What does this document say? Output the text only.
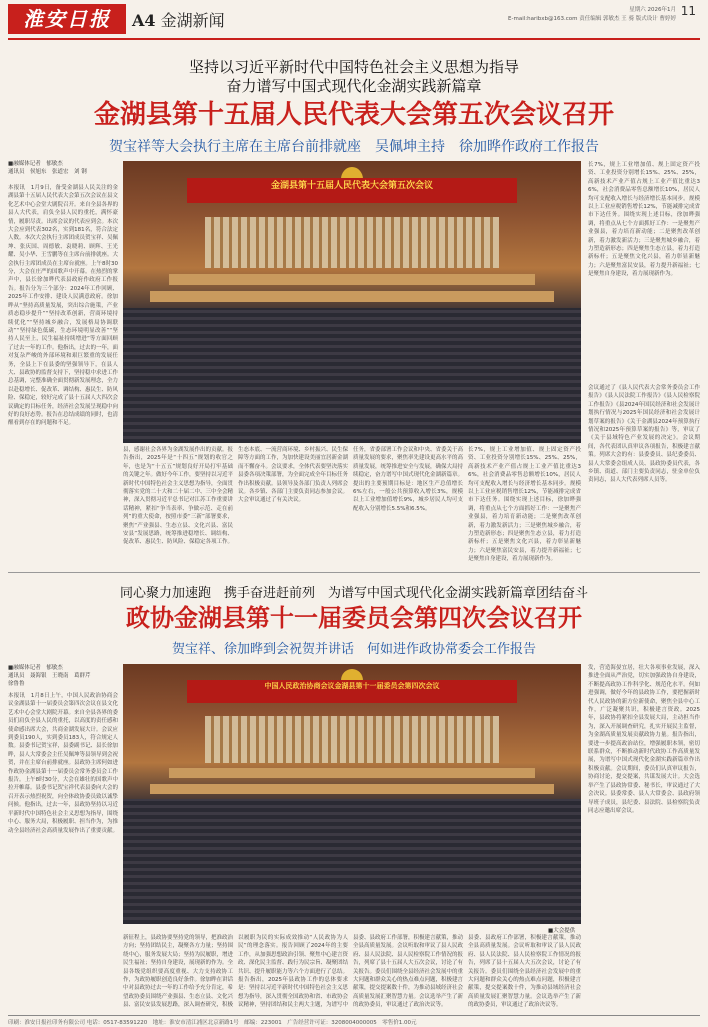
淮安日报	A4 金湖新闻
星期六 2026年1月
E-mail:haribxb@163.com 责任编辑 郭敏杰 王 骑 版式设计 曹婷婷
11
坚持以习近平新时代中国特色社会主义思想为指导
奋力谱写中国式现代化金湖实践新篇章
金湖县第十五届人民代表大会第五次会议召开
贺宝祥等大会执行主席在主席台前排就座　吴佩坤主持　徐加晔作政府工作报告
■融媒体记者　郁敏杰
通讯员　侯旭东　张道宏　刘 钢
本报讯　1月9日，备受金湖县人民关注的金湖县第十五届人民代表大会第五次会议在县文化艺术中心会堂大剧院召开。来自全县各界的县人大代表，肩负全县人民的重托，满怀豪情，履职尽责。出席会议的代表应到会。本次大会应到代表302名，实到181名，符合法定人数。本次大会执行主席团成员贺宝祥、吴佩坤、张庆国、周德敏、袁晓莉、顾辉、王光耀、吴小华、王雪鹏等在主席台前排就座。大会执行主席团成员在主席台就座。上午8时30分，大会在庄严的国歌声中开幕。在热烈的掌声中，县长徐加晔代表县政府作政府工作报告。报告分为三个部分：2024年工作回顾、2025年工作安排、建设人民满意政府。徐加晔从“坚持高质量发展，突出综合施策，产业质态稳步提升”“坚持改革创新，营商环境持续优化”“坚持城乡融合，发展格局协调联动”“坚持绿色低碳，生态环境明显改善”“坚持人民至上，民生福祉持续增进”等方面回顾了过去一年的工作。他指出，过去的一年，面对复杂严峻的外部环境和艰巨繁重的发展任务，全县上下在县委的坚强领导下，在县人大、县政协的监督支持下，坚持稳中求进工作总基调，完整准确全面贯彻新发展理念，全力以赴稳增长、促改革、调结构、惠民生、防风险、保稳定，较好完成了县十五届人大四次会议确定的目标任务，经济社会发展呈现稳中向好的良好态势。报告在总结成绩的同时，也清醒看到存在的问题和不足。
金湖县第十五届人民代表大会第五次会议
县，感谢社会各界为金湖发展作出的贡献。报告指出，2025年是“十四五”规划的收官之年，也是为“十五五”规划良好开局打牢基础的关键之年。做好今年工作，要坚持以习近平新时代中国特色社会主义思想为指导，全面贯彻落实党的二十大和二十届二中、三中全会精神，深入贯彻习近平总书记对江苏工作重要讲话精神，紧扣“争当表率、争做示范、走在前列”的重大使命，按照市委“三新”部署要求，聚焦“产业强县、生态立县、文化兴县、富民安县”发展思路，统筹推进稳增长、调结构、促改革、惠民生、防风险、保稳定各项工作。
生态本底、一流营商环境、乡村振兴、民生保障等方面的工作，为加快建设美丽宜居新金湖而不懈奋斗。会议要求，全体代表要坚决落实县委各项决策部署，为全面完成全年目标任务作出积极贡献。县领导及各部门负责人列席会议。各乡镇、各部门主要负责同志参加会议。大会审议通过了有关决议。
任务，省委部署工作会议和中央、省委关于高质量发展的要求，聚焦率先建设更高水平的高质量发展，统筹推进安全与发展，确保大局持续稳定，奋力谱写中国式现代化金湖新篇章。提出的主要预期目标是：地区生产总值增长6%左右，一般公共预算收入增长3%，规模以上工业增加值增长9%，城乡居民人均可支配收入分别增长5.5%和6.5%。
长7%，规上工业增加值、规上固定资产投资、工业投资分别增长15%、25%、25%，高新技术产业产值占规上工业产值比重达36%，社会消费品零售总额增长10%，居民人均可支配收入增长与经济增长基本同步。规模以上工业应税销售增长12%，节能减排完成省市下达任务。围绕实现上述目标，徐加晔强调，将重点从七个方面抓好工作：一是聚焦产业强县，着力培育新动能；二是聚焦改革创新，着力激发新活力；三是聚焦城乡融合，着力塑造新形态；四是聚焦生态立县，着力打造新标杆；五是聚焦文化兴县，着力彰显新魅力；六是聚焦富民安县，着力提升新福祉；七是聚焦自身建设，着力展现新作为。
长7%，规上工业增加值、规上固定资产投资、工业投资分别增长15%、25%、25%，高新技术产业产值占规上工业产值比重达36%，社会消费品零售总额增长10%，居民人均可支配收入增长与经济增长基本同步。规模以上工业应税销售增长12%，节能减排完成省市下达任务。围绕实现上述目标，徐加晔强调，将重点从七个方面抓好工作：一是聚焦产业强县，着力培育新动能；二是聚焦改革创新，着力激发新活力；三是聚焦城乡融合，着力塑造新形态；四是聚焦生态立县，着力打造新标杆；五是聚焦文化兴县，着力彰显新魅力；六是聚焦富民安县，着力提升新福祉；七是聚焦自身建设，着力展现新作为。
会议通过了《县人民代表大会常务委员会工作报告》《县人民法院工作报告》《县人民检察院工作报告》《县2024年国民经济和社会发展计划执行情况与2025年国民经济和社会发展计划草案的报告》《关于金湖县2024年预算执行情况和2025年预算草案的报告》等，审议了《关于县域特色产业发展的决定》。会议期间，各代表团认真审议各项报告，积极建言献策。列席大会的有：县委委员、县纪委委员、县人大常委会组成人员、县政协委员代表，各乡镇、街道、部门主要负责同志，驻金单位负责同志，县人大代表列席人员等。
同心聚力加速跑　携手奋进赶前列　为谱写中国式现代化金湖实践新篇章团结奋斗
政协金湖县第十一届委员会第四次会议召开
贺宝祥、徐加晔到会祝贺并讲话　何如进作政协常委会工作报告
■融媒体记者　郁敏杰
通讯员　聂海银　王晓南　葛群芹
徐鲁鲁
本报讯　1月8日上午，中国人民政治协商会议金湖县第十一届委员会第四次会议在县文化艺术中心会堂大剧院开幕。来自全县各界的委员们肩负全县人民的重托，以高度的责任感和使命感出席大会，共商金湖发展大计。会议应到委员190人，实到委员183人，符合规定人数。县委书记贺宝祥，县委副书记、县长徐加晔，县人大常委会主任吴佩坤等县领导到会祝贺，并在主席台前排就座。县政协主席何如进作政协金湖县第十一届委员会常务委员会工作报告。上午8时30分，大会在雄壮的国歌声中拉开帷幕。县委书记贺宝祥代表县委向大会的召开表示热烈祝贺，向全体政协委员致以诚挚问候。他指出，过去一年，县政协坚持以习近平新时代中国特色社会主义思想为指导，围绕中心、服务大局，积极履职、担当作为，为推动全县经济社会高质量发展作出了重要贡献。
中国人民政治协商会议金湖县第十一届委员会第四次会议
■大会提供
新征程上，县政协要坚持党的领导，把准政治方向；坚持团结民主，凝聚各方力量；坚持围绕中心，服务发展大局；坚持为民履职，增进民生福祉；坚持自身建设，展现新的作为。全县各级党组织要高度重视、大力支持政协工作，为政协履职创造良好条件。徐加晔在讲话中对县政协过去一年的工作给予充分肯定，希望政协委员围绕产业强县、生态立县、文化兴县、富民安县发展思路，深入调查研究，积极
以履职为民的实际成效推动“人民政协为人民”的理念落实。报告回顾了2024年的主要工作，从加强思想政治引领、聚焦中心建言资政、深化民主监督、践行为民宗旨、凝聚团结共识、提升履职能力等六个方面进行了总结。报告指出，2025年县政协工作的总体要求是：坚持以习近平新时代中国特色社会主义思想为指导，深入贯彻全国政协和省、市政协会议精神，坚持团结和民主两大主题，为谱写中
县委、县政府工作部署，积极建言献策，推动全县高质量发展。会议听取和审议了县人民政府、县人民法院、县人民检察院工作情况的报告，列席了县十五届人大五次会议，讨论了有关报告。委员们围绕全县经济社会发展中的重大问题和群众关心的热点难点问题，积极建言献策，提交提案数十件，为推动县域经济社会高质量发展汇聚智慧力量。会议选举产生了新的政协委员，审议通过了政治决议等。
县委、县政府工作部署，积极建言献策，推动全县高质量发展。会议听取和审议了县人民政府、县人民法院、县人民检察院工作情况的报告，列席了县十五届人大五次会议，讨论了有关报告。委员们围绕全县经济社会发展中的重大问题和群众关心的热点难点问题，积极建言献策，提交提案数十件，为推动县域经济社会高质量发展汇聚智慧力量。会议选举产生了新的政协委员，审议通过了政治决议等。
发，营造海晏宜居，壮大各项事业发展，深入推进全面从严治党，切实加强政协自身建设，不断提高政协工作科学化、规范化水平。何如进强调，做好今年的县政协工作，要把握新时代人民政协的新方位新使命，聚焦全县中心工作，广泛凝聚共识，积极建言资政。2025年，县政协将紧扣全县发展大局，主动担当作为，深入开展调查研究，扎实开展民主监督，为金湖高质量发展贡献政协力量。报告指出，要进一步提高政治站位，增强履职本领，密切联系群众，不断推动新时代政协工作高质量发展，为谱写中国式现代化金湖实践新篇章作出积极贡献。会议期间，委员们认真审议报告，协商讨论，提交提案，共谋发展大计。大会选举产生了县政协常委、秘书长，审议通过了大会决议。县委常委、县人大常委会、县政府领导班子成员，县纪委、县法院、县检察院负责同志应邀出席会议。
印刷：淮安日报社印务有限公司 电话：0517-83591220　地址：淮安市清江浦区北京新路1号　邮编：223001　广告经营许可证：3208004000005　零售价1.00元
